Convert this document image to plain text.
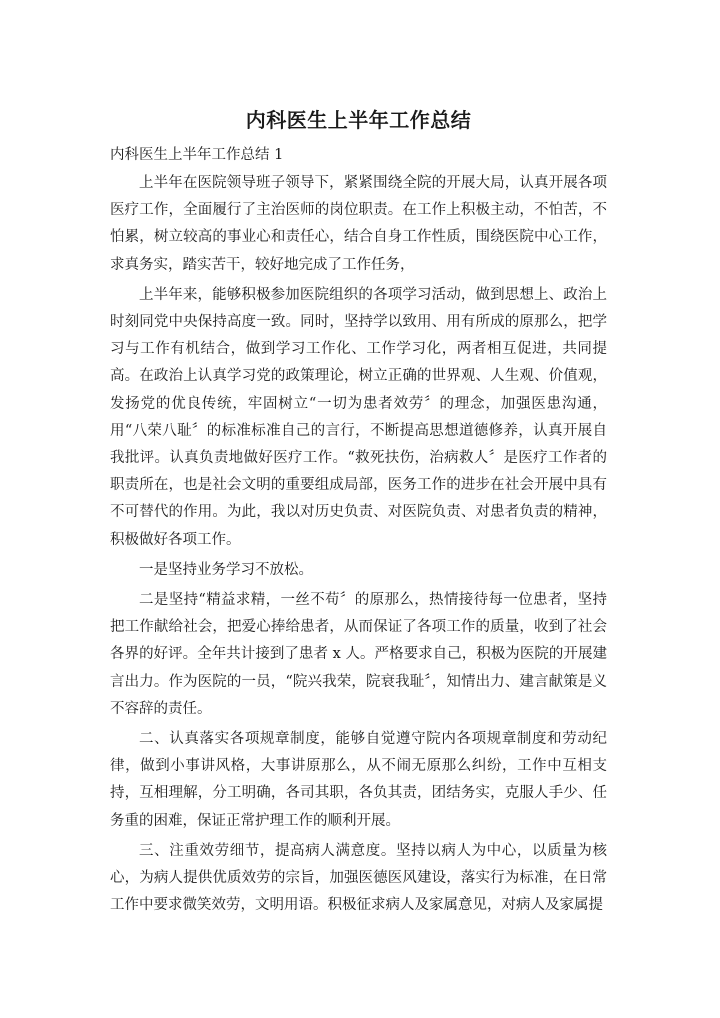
内科医生上半年工作总结
内科医生上半年工作总结 1

上半年在医院领导班子领导下，紧紧围绕全院的开展大局，认真开展各项医疗工作，全面履行了主治医师的岗位职责。在工作上积极主动，不怕苦，不怕累，树立较高的事业心和责任心，结合自身工作性质，围绕医院中心工作，求真务实，踏实苦干，较好地完成了工作任务，

上半年来，能够积极参加医院组织的各项学习活动，做到思想上、政治上时刻同党中央保持高度一致。同时，坚持学以致用、用有所成的原那么，把学习与工作有机结合，做到学习工作化、工作学习化，两者相互促进，共同提高。在政治上认真学习党的政策理论，树立正确的世界观、人生观、价值观，发扬党的优良传统，牢固树立“一切为患者效劳〞的理念，加强医患沟通，用“八荣八耻〞的标准标准自己的言行，不断提高思想道德修养，认真开展自我批评。认真负责地做好医疗工作。“救死扶伤，治病救人〞是医疗工作者的职责所在，也是社会文明的重要组成局部，医务工作的进步在社会开展中具有不可替代的作用。为此，我以对历史负责、对医院负责、对患者负责的精神，积极做好各项工作。

一是坚持业务学习不放松。

二是坚持“精益求精，一丝不苟〞的原那么，热情接待每一位患者，坚持把工作献给社会，把爱心捧给患者，从而保证了各项工作的质量，收到了社会各界的好评。全年共计接到了患者 x 人。严格要求自己，积极为医院的开展建言出力。作为医院的一员，“院兴我荣，院衰我耻〞，知情出力、建言献策是义不容辞的责任。

二、认真落实各项规章制度，能够自觉遵守院内各项规章制度和劳动纪律，做到小事讲风格，大事讲原那么，从不闹无原那么纠纷，工作中互相支持，互相理解，分工明确，各司其职，各负其责，团结务实，克服人手少、任务重的困难，保证正常护理工作的顺利开展。

三、注重效劳细节，提高病人满意度。坚持以病人为中心，以质量为核心，为病人提供优质效劳的宗旨，加强医德医风建设，落实行为标准，在日常工作中要求微笑效劳，文明用语。积极征求病人及家属意见，对病人及家属提
